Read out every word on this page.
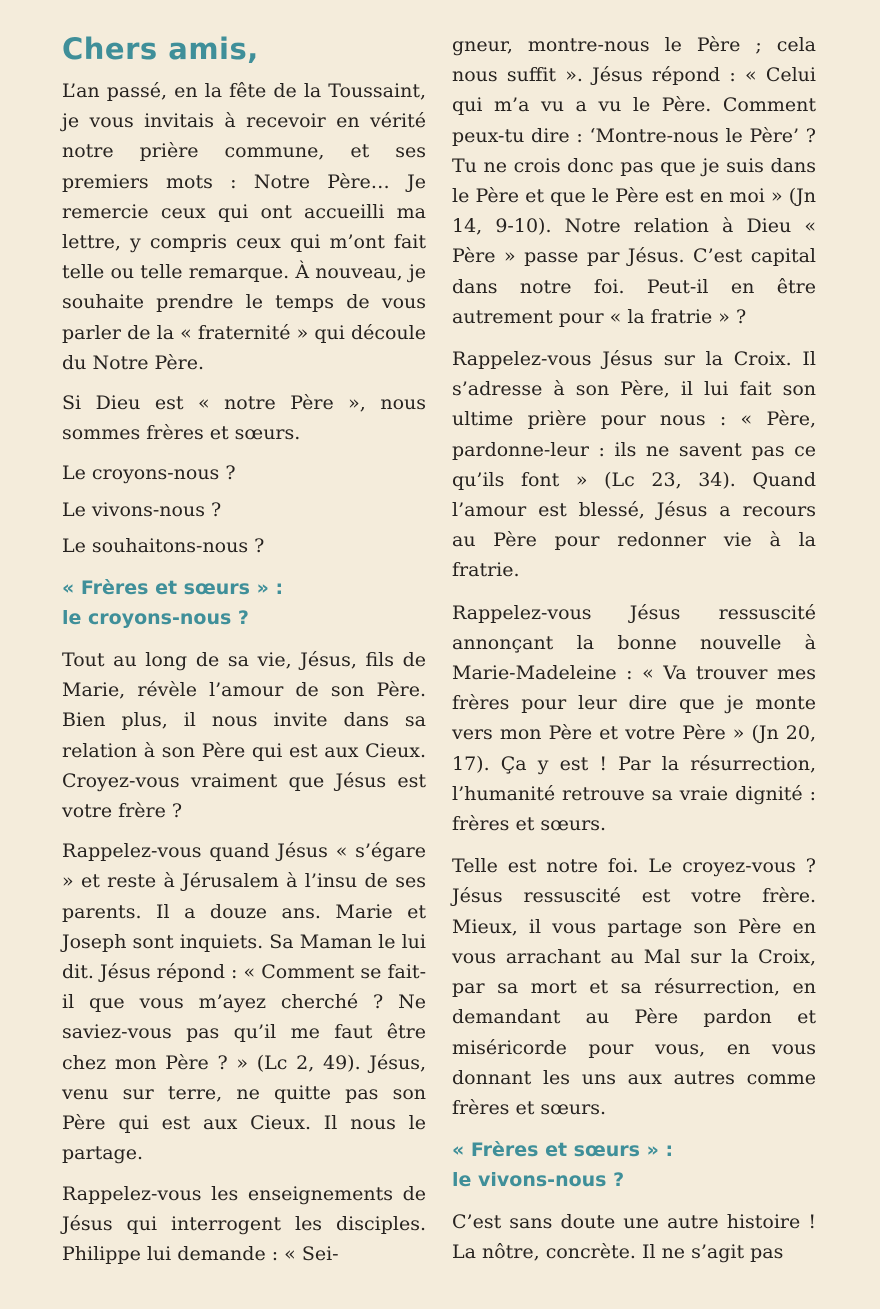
Chers amis,

L’an passé, en la fête de la Toussaint, je vous invitais à recevoir en vérité notre prière commune, et ses premiers mots : Notre Père… Je remercie ceux qui ont accueilli ma lettre, y compris ceux qui m’ont fait telle ou telle remarque. À nouveau, je souhaite prendre le temps de vous parler de la « fraternité » qui découle du Notre Père.

Si Dieu est « notre Père », nous sommes frères et sœurs.

Le croyons-nous ?

Le vivons-nous ?

Le souhaitons-nous ?

« Frères et sœurs » :
le croyons-nous ?

Tout au long de sa vie, Jésus, fils de Marie, révèle l’amour de son Père. Bien plus, il nous invite dans sa relation à son Père qui est aux Cieux. Croyez-vous vraiment que Jésus est votre frère ?

Rappelez-vous quand Jésus « s’égare » et reste à Jérusalem à l’insu de ses parents. Il a douze ans. Marie et Joseph sont inquiets. Sa Maman le lui dit. Jésus répond : « Comment se fait-il que vous m’ayez cherché ? Ne saviez-vous pas qu’il me faut être chez mon Père ? » (Lc 2, 49). Jésus, venu sur terre, ne quitte pas son Père qui est aux Cieux. Il nous le partage.

Rappelez-vous les enseignements de Jésus qui interrogent les disciples. Philippe lui demande : « Sei-

gneur, montre-nous le Père ; cela nous suffit ». Jésus répond : « Celui qui m’a vu a vu le Père. Comment peux-tu dire : ‘Montre-nous le Père’ ? Tu ne crois donc pas que je suis dans le Père et que le Père est en moi » (Jn 14, 9-10). Notre relation à Dieu « Père » passe par Jésus. C’est capital dans notre foi. Peut-il en être autrement pour « la fratrie » ?

Rappelez-vous Jésus sur la Croix. Il s’adresse à son Père, il lui fait son ultime prière pour nous : « Père, pardonne-leur : ils ne savent pas ce qu’ils font » (Lc 23, 34). Quand l’amour est blessé, Jésus a recours au Père pour redonner vie à la fratrie.

Rappelez-vous Jésus ressuscité annonçant la bonne nouvelle à Marie-Madeleine : « Va trouver mes frères pour leur dire que je monte vers mon Père et votre Père » (Jn 20, 17). Ça y est ! Par la résurrection, l’humanité retrouve sa vraie dignité : frères et sœurs.

Telle est notre foi. Le croyez-vous ? Jésus ressuscité est votre frère. Mieux, il vous partage son Père en vous arrachant au Mal sur la Croix, par sa mort et sa résurrection, en demandant au Père pardon et miséricorde pour vous, en vous donnant les uns aux autres comme frères et sœurs.

« Frères et sœurs » :
le vivons-nous ?

C’est sans doute une autre histoire ! La nôtre, concrète. Il ne s’agit pas
